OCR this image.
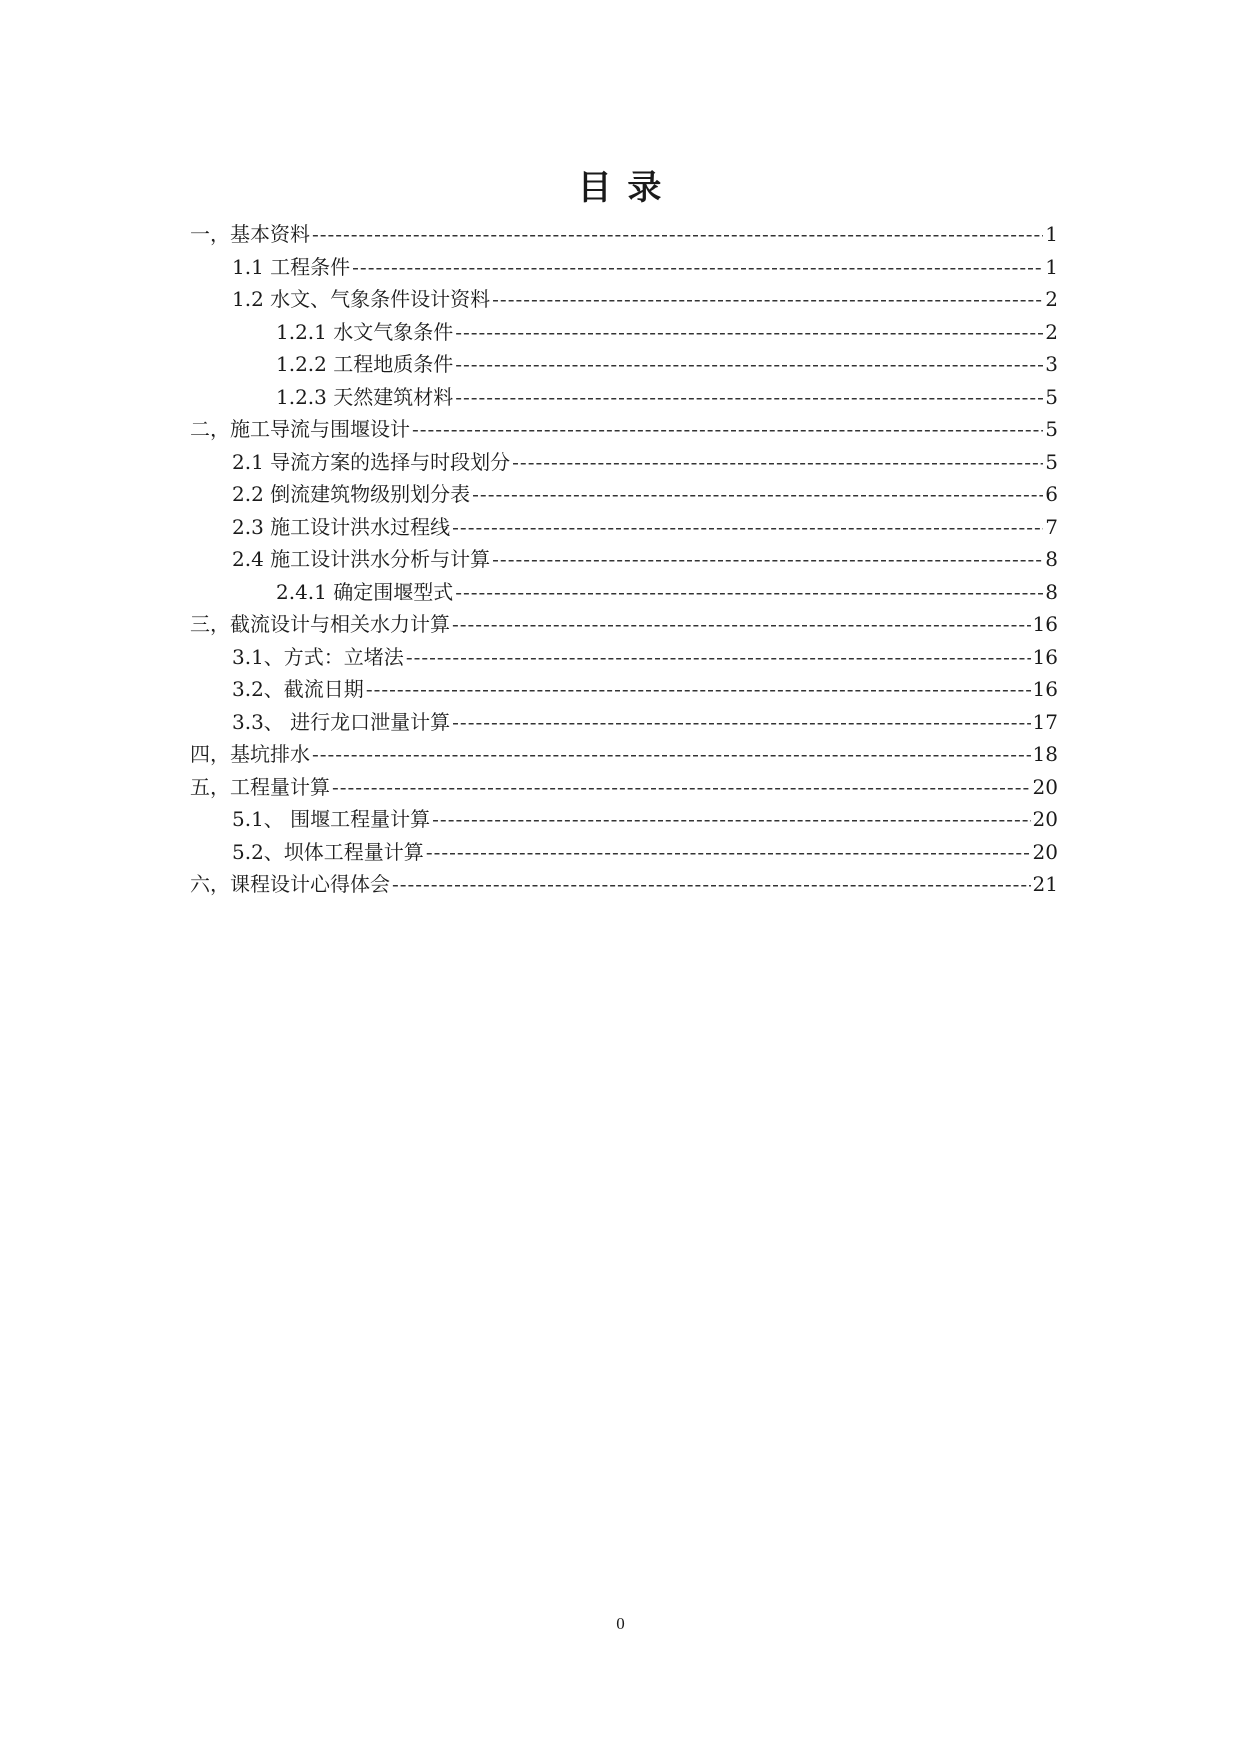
目 录
一，基本资料 -----	1
1.1 工程条件 -----	1
1.2 水文、气象条件设计资料 -----	2
1.2.1 水文气象条件 -----	2
1.2.2 工程地质条件 -----	3
1.2.3 天然建筑材料 -----	5
二，施工导流与围堰设计 -----	5
2.1 导流方案的选择与时段划分 -----	5
2.2 倒流建筑物级别划分表 -----	6
2.3 施工设计洪水过程线 -----	7
2.4 施工设计洪水分析与计算 -----	8
2.4.1 确定围堰型式 -----	8
三，截流设计与相关水力计算 -----	16
3.1、方式：立堵法 -----	16
3.2、截流日期 -----	16
3.3、 进行龙口泄量计算 -----	17
四，基坑排水 -----	18
五，工程量计算 -----	20
5.1、 围堰工程量计算 -----	20
5.2、坝体工程量计算 -----	20
六，课程设计心得体会 -----	21
0
